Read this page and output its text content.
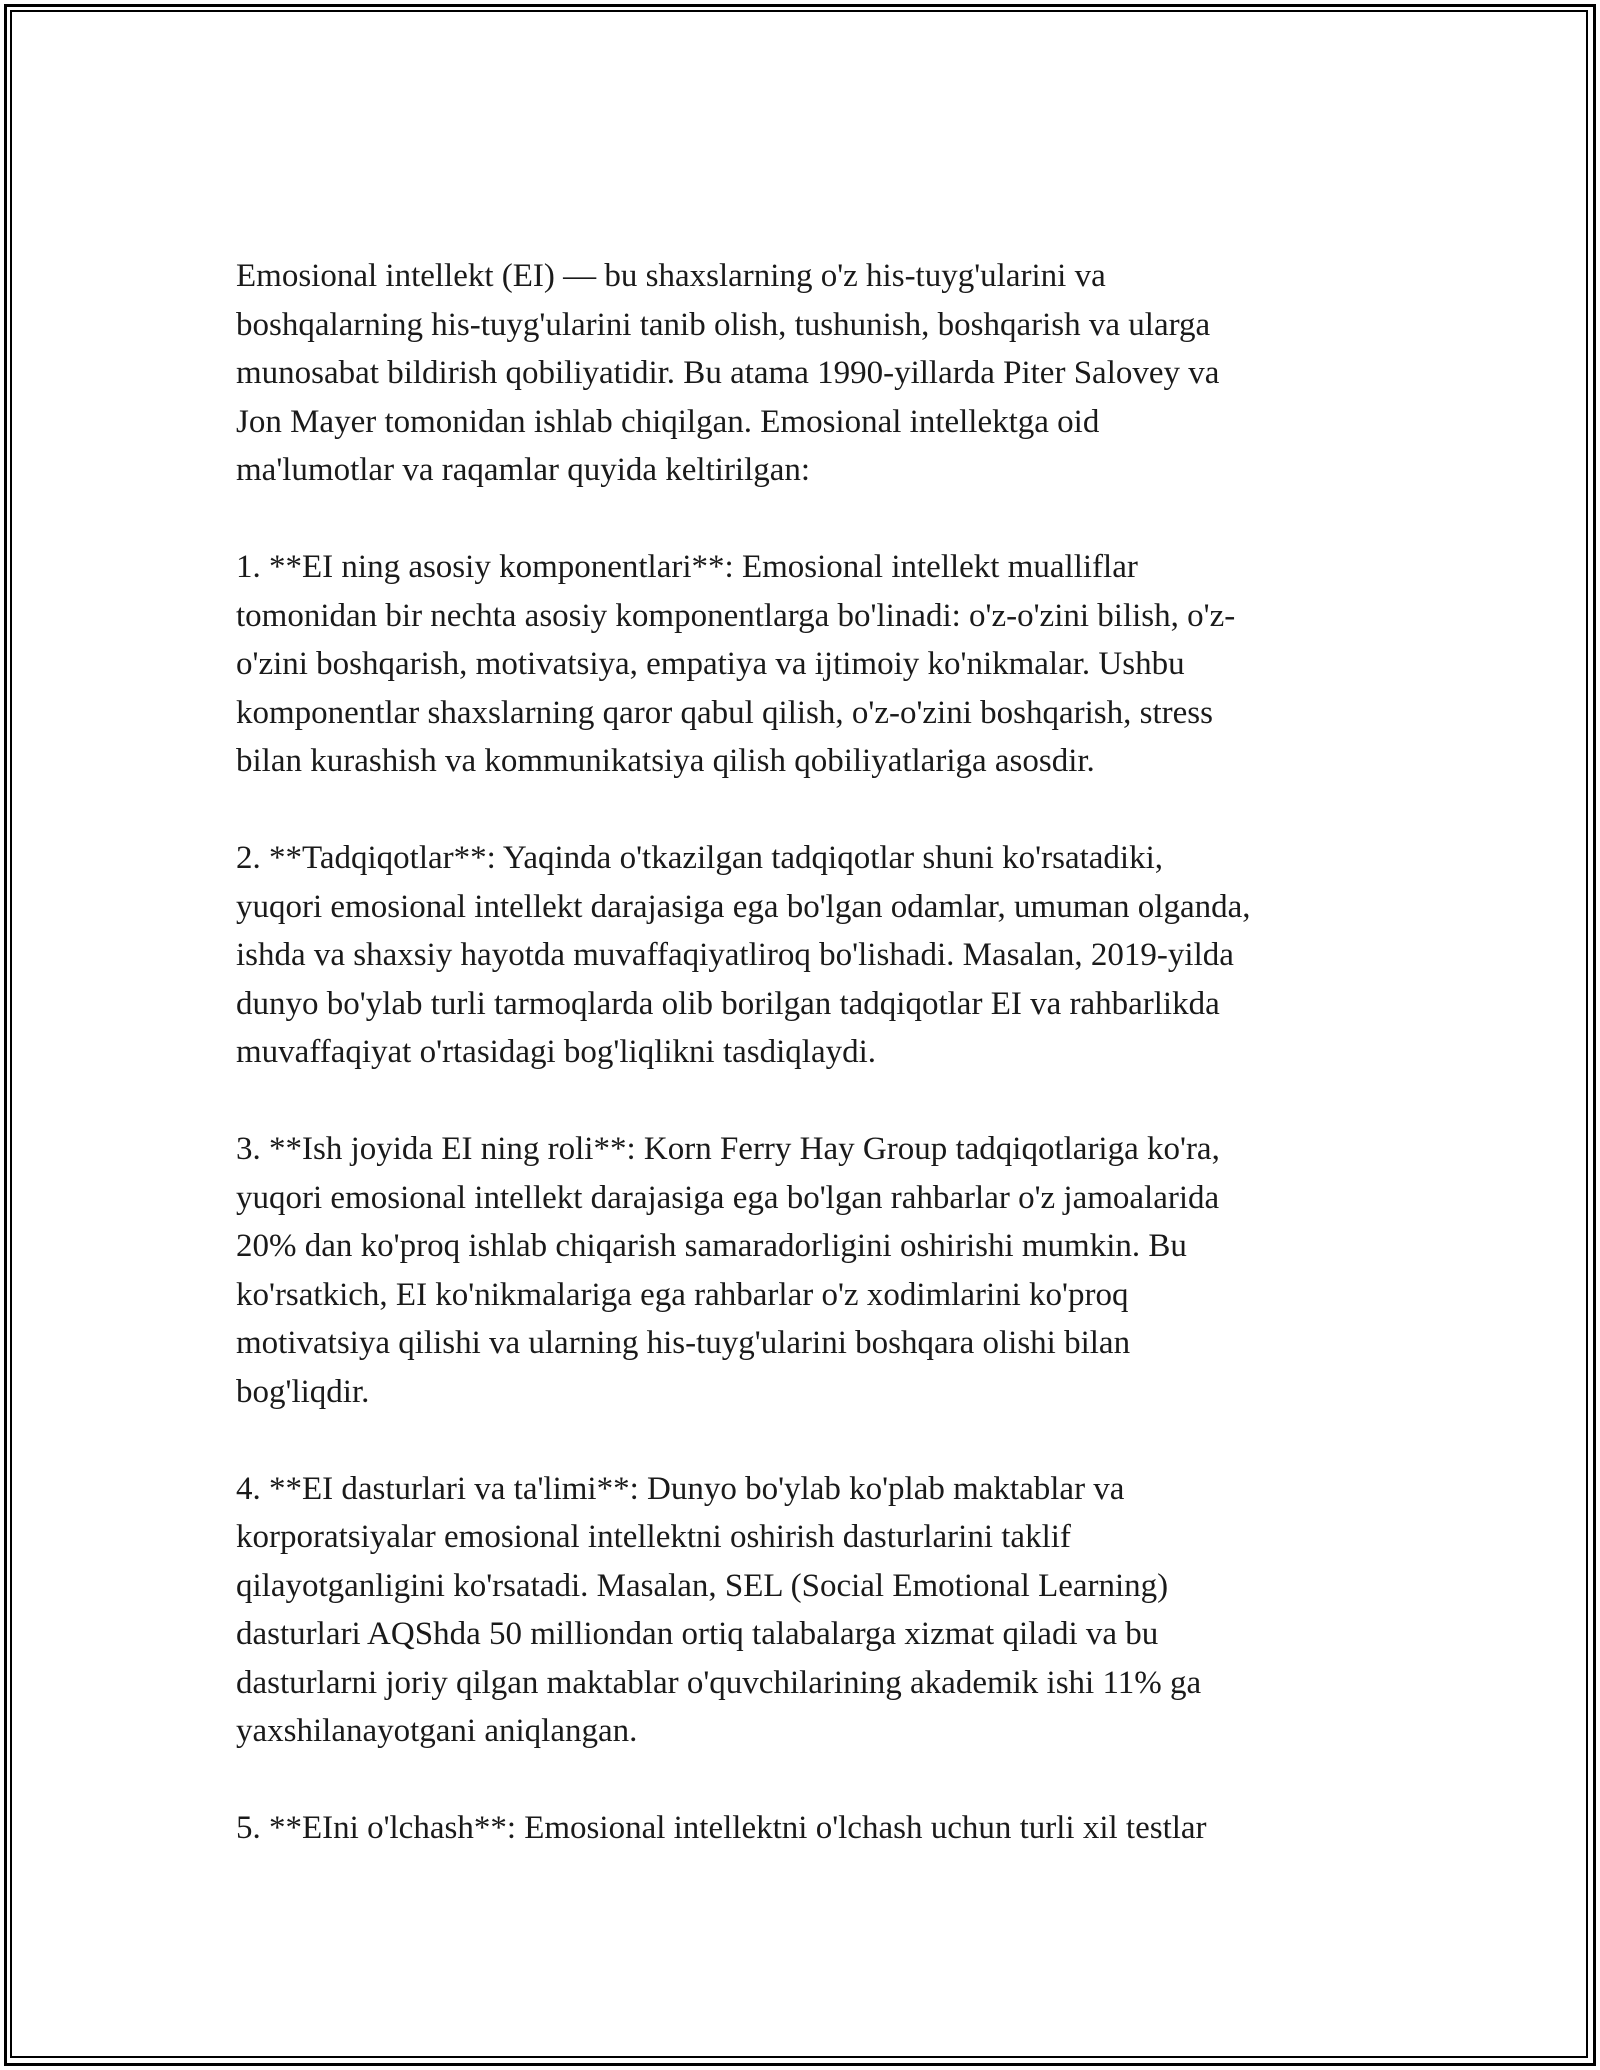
Emosional intellekt (EI) — bu shaxslarning o'z his-tuyg'ularini va
boshqalarning his-tuyg'ularini tanib olish, tushunish, boshqarish va ularga
munosabat bildirish qobiliyatidir. Bu atama 1990-yillarda Piter Salovey va
Jon Mayer tomonidan ishlab chiqilgan. Emosional intellektga oid
ma'lumotlar va raqamlar quyida keltirilgan:

1. **EI ning asosiy komponentlari**: Emosional intellekt mualliflar
tomonidan bir nechta asosiy komponentlarga bo'linadi: o'z-o'zini bilish, o'z-
o'zini boshqarish, motivatsiya, empatiya va ijtimoiy ko'nikmalar. Ushbu
komponentlar shaxslarning qaror qabul qilish, o'z-o'zini boshqarish, stress
bilan kurashish va kommunikatsiya qilish qobiliyatlariga asosdir.

2. **Tadqiqotlar**: Yaqinda o'tkazilgan tadqiqotlar shuni ko'rsatadiki,
yuqori emosional intellekt darajasiga ega bo'lgan odamlar, umuman olganda,
ishda va shaxsiy hayotda muvaffaqiyatliroq bo'lishadi. Masalan, 2019-yilda
dunyo bo'ylab turli tarmoqlarda olib borilgan tadqiqotlar EI va rahbarlikda
muvaffaqiyat o'rtasidagi bog'liqlikni tasdiqlaydi.

3. **Ish joyida EI ning roli**: Korn Ferry Hay Group tadqiqotlariga ko'ra,
yuqori emosional intellekt darajasiga ega bo'lgan rahbarlar o'z jamoalarida
20% dan ko'proq ishlab chiqarish samaradorligini oshirishi mumkin. Bu
ko'rsatkich, EI ko'nikmalariga ega rahbarlar o'z xodimlarini ko'proq
motivatsiya qilishi va ularning his-tuyg'ularini boshqara olishi bilan
bog'liqdir.

4. **EI dasturlari va ta'limi**: Dunyo bo'ylab ko'plab maktablar va
korporatsiyalar emosional intellektni oshirish dasturlarini taklif
qilayotganligini ko'rsatadi. Masalan, SEL (Social Emotional Learning)
dasturlari AQShda 50 milliondan ortiq talabalarga xizmat qiladi va bu
dasturlarni joriy qilgan maktablar o'quvchilarining akademik ishi 11% ga
yaxshilanayotgani aniqlangan.

5. **EIni o'lchash**: Emosional intellektni o'lchash uchun turli xil testlar
